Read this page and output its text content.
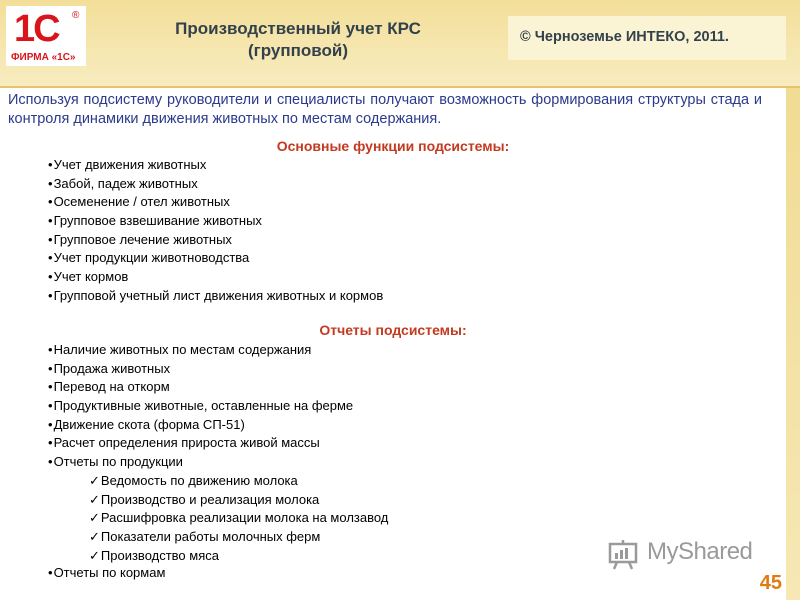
1С ®
ФИРМА «1С»
Производственный учет КРС
(групповой)
© Черноземье ИНТЕКО, 2011.

Используя подсистему руководители и специалисты получают возможность формирования структуры стада и контроля динамики движения животных по местам содержания.

Основные функции подсистемы:

•Учет движения животных
•Забой, падеж животных
•Осеменение / отел животных
•Групповое взвешивание животных
•Групповое лечение животных
•Учет продукции животноводства
•Учет кормов
•Групповой учетный лист движения животных и кормов

Отчеты подсистемы:

•Наличие животных по местам содержания
•Продажа животных
•Перевод на откорм
•Продуктивные животные, оставленные на ферме
•Движение скота (форма СП-51)
•Расчет определения прироста живой массы
•Отчеты по продукции
✓Ведомость по движению молока
✓Производство и реализация молока
✓Расшифровка реализации молока на молзавод
✓Показатели работы молочных ферм
✓Производство мяса
•Отчеты по кормам
MyShared
45
